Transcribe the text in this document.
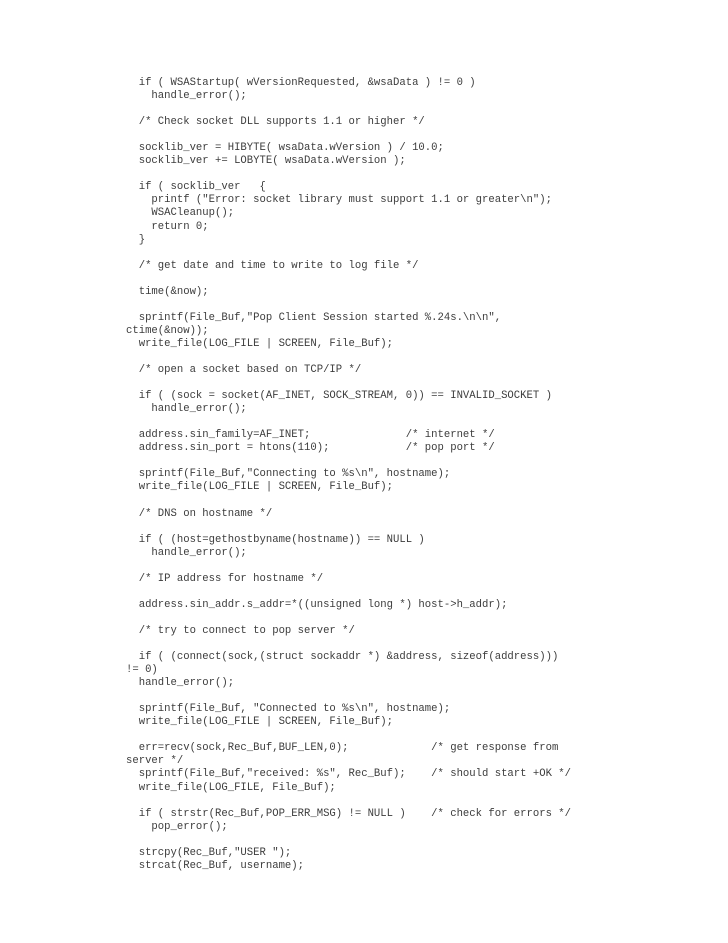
if ( WSAStartup( wVersionRequested, &wsaData ) != 0 )
handle_error();
/* Check socket DLL supports 1.1 or higher */
socklib_ver = HIBYTE( wsaData.wVersion ) / 10.0;
socklib_ver += LOBYTE( wsaData.wVersion );
if ( socklib_ver   {
printf ("Error: socket library must support 1.1 or greater\n");
WSACleanup();
return 0;
}
/* get date and time to write to log file */
time(&now);
sprintf(File_Buf,"Pop Client Session started %.24s.\n\n",
ctime(&now));
write_file(LOG_FILE | SCREEN, File_Buf);
/* open a socket based on TCP/IP */
if ( (sock = socket(AF_INET, SOCK_STREAM, 0)) == INVALID_SOCKET )
handle_error();
address.sin_family=AF_INET;               /* internet */
address.sin_port = htons(110);            /* pop port */
sprintf(File_Buf,"Connecting to %s\n", hostname);
write_file(LOG_FILE | SCREEN, File_Buf);
/* DNS on hostname */
if ( (host=gethostbyname(hostname)) == NULL )
handle_error();
/* IP address for hostname */
address.sin_addr.s_addr=*((unsigned long *) host->h_addr);
/* try to connect to pop server */
if ( (connect(sock,(struct sockaddr *) &address, sizeof(address)))
!= 0)
handle_error();
sprintf(File_Buf, "Connected to %s\n", hostname);
write_file(LOG_FILE | SCREEN, File_Buf);
err=recv(sock,Rec_Buf,BUF_LEN,0);             /* get response from
server */
sprintf(File_Buf,"received: %s", Rec_Buf);    /* should start +OK */
write_file(LOG_FILE, File_Buf);
if ( strstr(Rec_Buf,POP_ERR_MSG) != NULL )    /* check for errors */
pop_error();
strcpy(Rec_Buf,"USER ");
strcat(Rec_Buf, username);
